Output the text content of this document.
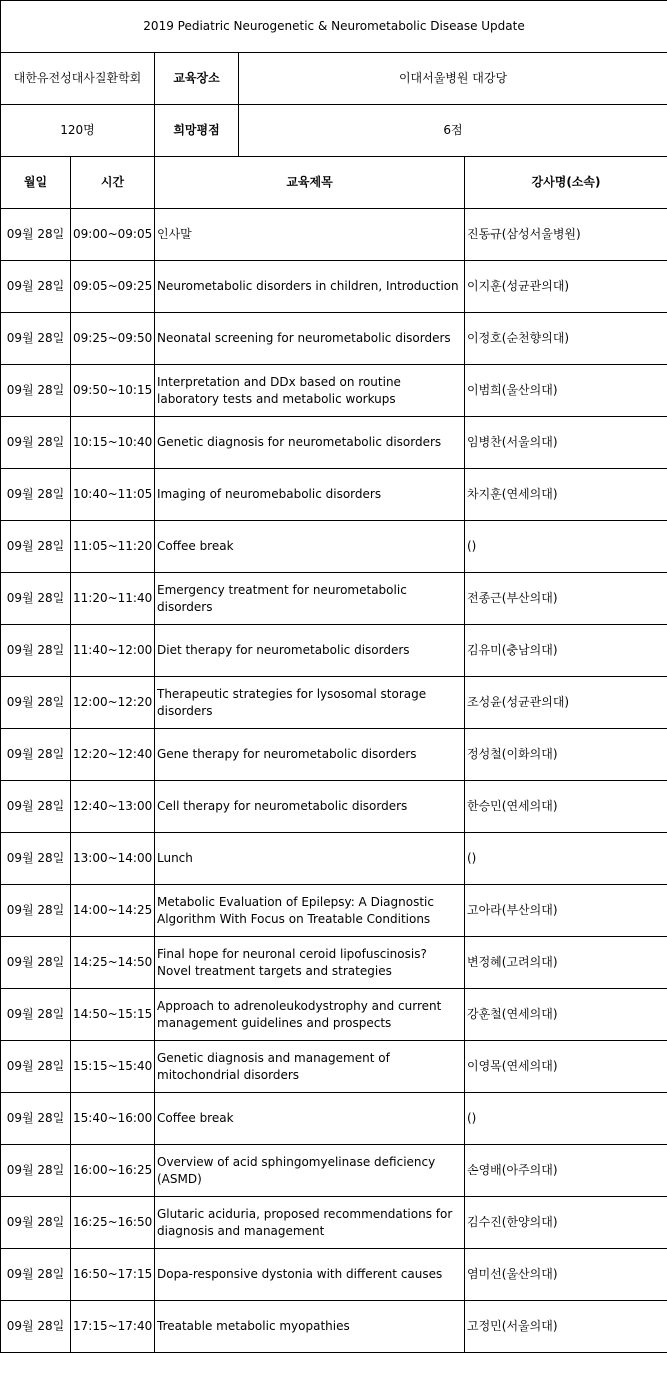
2019 Pediatric Neurogenetic & Neurometabolic Disease Update				
대한유전성대사질환학회		교육장소	이대서울병원 대강당	
120명		희망평점	6점	
월일	시간	교육제목		강사명(소속)
09월 28일	09:00~09:05	인사말		진동규(삼성서울병원)
09월 28일	09:05~09:25	Neurometabolic disorders in children, Introduction		이지훈(성균관의대)
09월 28일	09:25~09:50	Neonatal screening for neurometabolic disorders		이정호(순천향의대)
09월 28일	09:50~10:15	Interpretation and DDx based on routine laboratory tests and metabolic workups		이범희(울산의대)
09월 28일	10:15~10:40	Genetic diagnosis for neurometabolic disorders		임병찬(서울의대)
09월 28일	10:40~11:05	Imaging of neuromebabolic disorders		차지훈(연세의대)
09월 28일	11:05~11:20	Coffee break		()
09월 28일	11:20~11:40	Emergency treatment for neurometabolic disorders		전종근(부산의대)
09월 28일	11:40~12:00	Diet therapy for neurometabolic disorders		김유미(충남의대)
09월 28일	12:00~12:20	Therapeutic strategies for lysosomal storage disorders		조성윤(성균관의대)
09월 28일	12:20~12:40	Gene therapy for neurometabolic disorders		정성철(이화의대)
09월 28일	12:40~13:00	Cell therapy for neurometabolic disorders		한승민(연세의대)
09월 28일	13:00~14:00	Lunch		()
09월 28일	14:00~14:25	Metabolic Evaluation of Epilepsy: A Diagnostic Algorithm With Focus on Treatable Conditions		고아라(부산의대)
09월 28일	14:25~14:50	Final hope for neuronal ceroid lipofuscinosis? Novel treatment targets and strategies		변정혜(고려의대)
09월 28일	14:50~15:15	Approach to adrenoleukodystrophy and current management guidelines and prospects		강훈철(연세의대)
09월 28일	15:15~15:40	Genetic diagnosis and management of mitochondrial disorders		이영목(연세의대)
09월 28일	15:40~16:00	Coffee break		()
09월 28일	16:00~16:25	Overview of acid sphingomyelinase deficiency (ASMD)		손영배(아주의대)
09월 28일	16:25~16:50	Glutaric aciduria, proposed recommendations for diagnosis and management		김수진(한양의대)
09월 28일	16:50~17:15	Dopa-responsive dystonia with different causes		염미선(울산의대)
09월 28일	17:15~17:40	Treatable metabolic myopathies		고정민(서울의대)
